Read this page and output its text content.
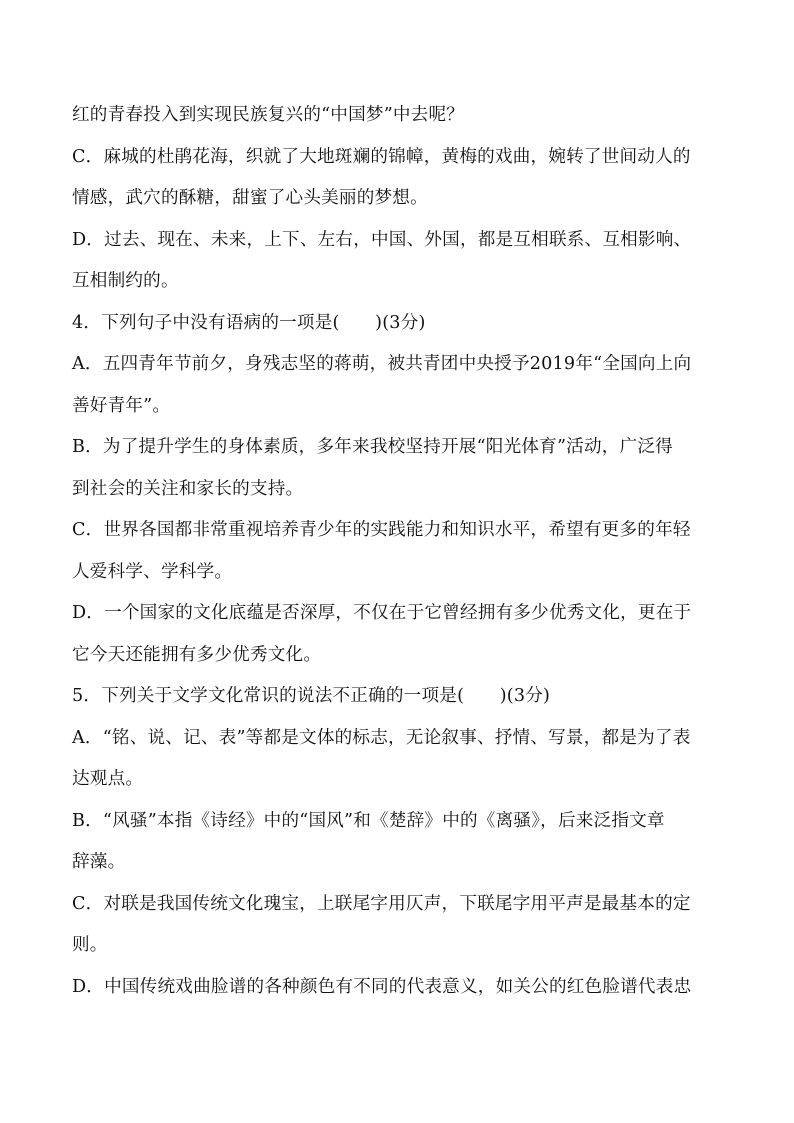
红的青春投入到实现民族复兴的“中国梦”中去呢？
C．麻城的杜鹃花海，织就了大地斑斓的锦幛，黄梅的戏曲，婉转了世间动人的
情感，武穴的酥糖，甜蜜了心头美丽的梦想。
D．过去、现在、未来，上下、左右，中国、外国，都是互相联系、互相影响、
互相制约的。
4．下列句子中没有语病的一项是(　　)(3分)
A．五四青年节前夕，身残志坚的蒋萌，被共青团中央授予2019年“全国向上向
善好青年”。
B．为了提升学生的身体素质，多年来我校坚持开展“阳光体育”活动，广泛得
到社会的关注和家长的支持。
C．世界各国都非常重视培养青少年的实践能力和知识水平，希望有更多的年轻
人爱科学、学科学。
D．一个国家的文化底蕴是否深厚，不仅在于它曾经拥有多少优秀文化，更在于
它今天还能拥有多少优秀文化。
5．下列关于文学文化常识的说法不正确的一项是(　　)(3分)
A．“铭、说、记、表”等都是文体的标志，无论叙事、抒情、写景，都是为了表
达观点。
B．“风骚”本指《诗经》中的“国风”和《楚辞》中的《离骚》，后来泛指文章
辞藻。
C．对联是我国传统文化瑰宝，上联尾字用仄声，下联尾字用平声是最基本的定
则。
D．中国传统戏曲脸谱的各种颜色有不同的代表意义，如关公的红色脸谱代表忠
